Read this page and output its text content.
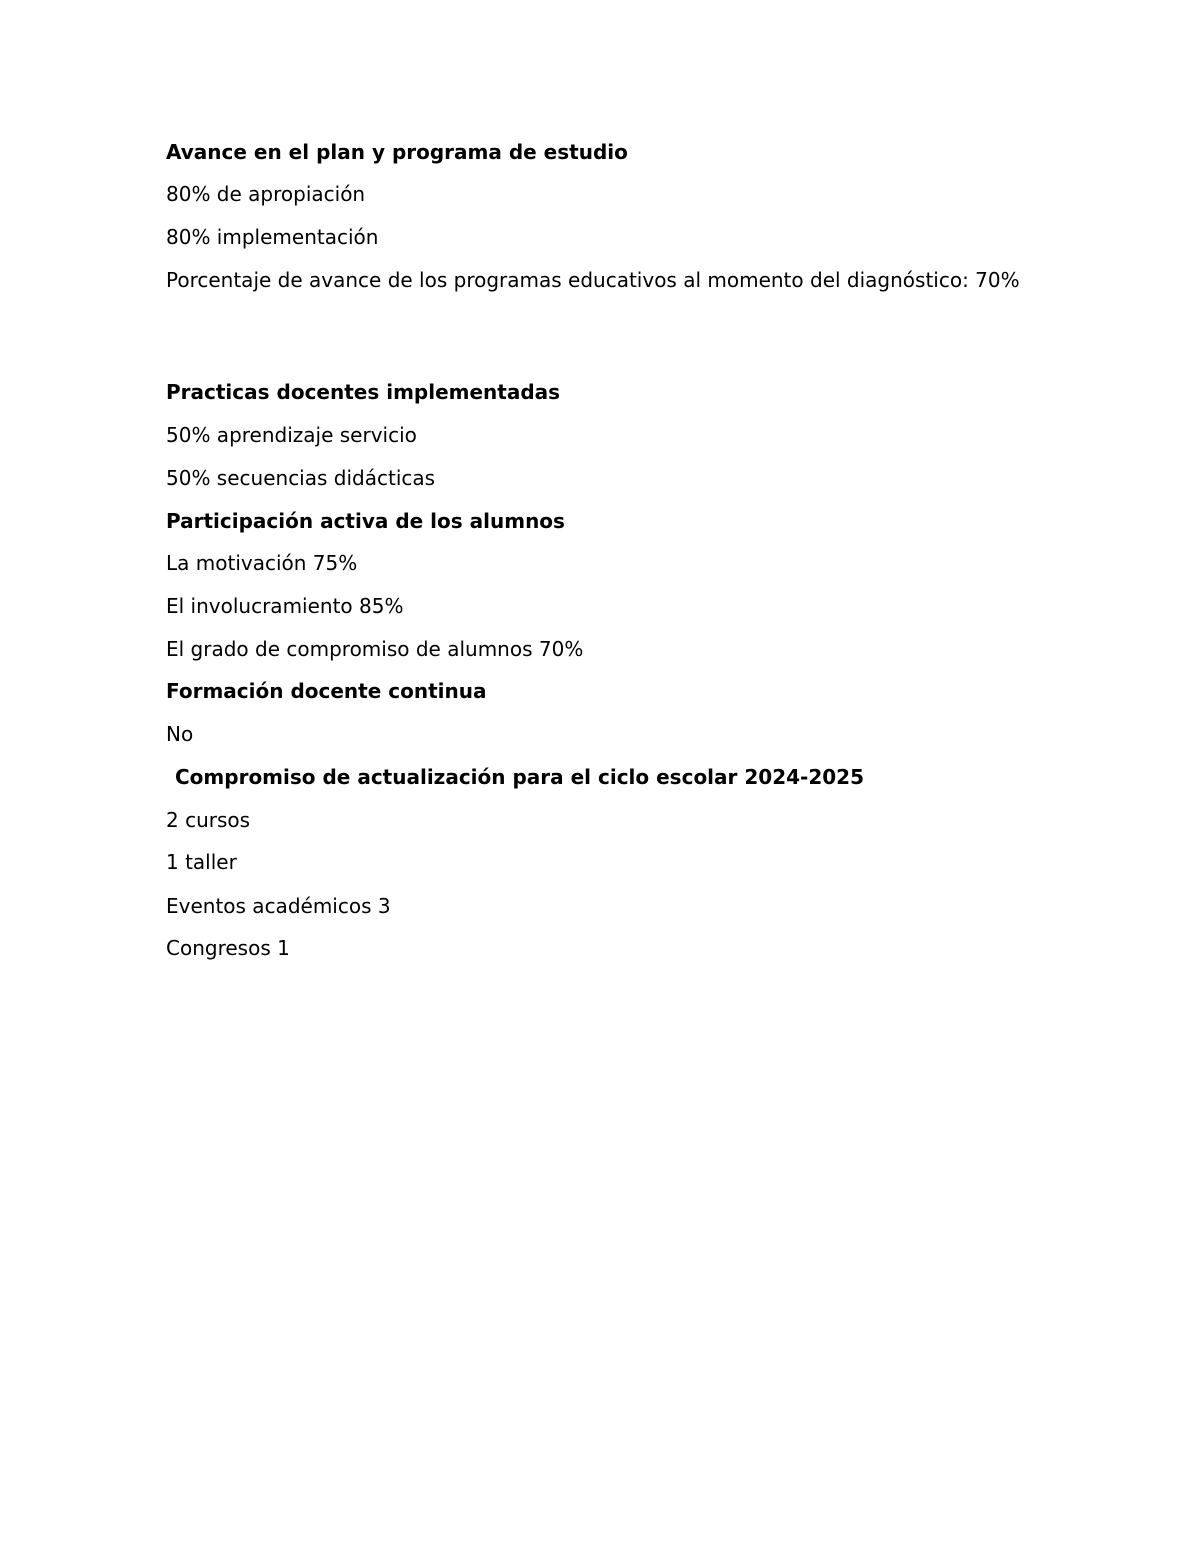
Avance en el plan y programa de estudio
80% de apropiación
80% implementación
Porcentaje de avance de los programas educativos al momento del diagnóstico: 70%
Practicas docentes implementadas
50% aprendizaje servicio
50% secuencias didácticas
Participación activa de los alumnos
La motivación 75%
El involucramiento 85%
El grado de compromiso de alumnos 70%
Formación docente continua
No
Compromiso de actualización para el ciclo escolar 2024-2025
2 cursos
1 taller
Eventos académicos 3
Congresos 1
